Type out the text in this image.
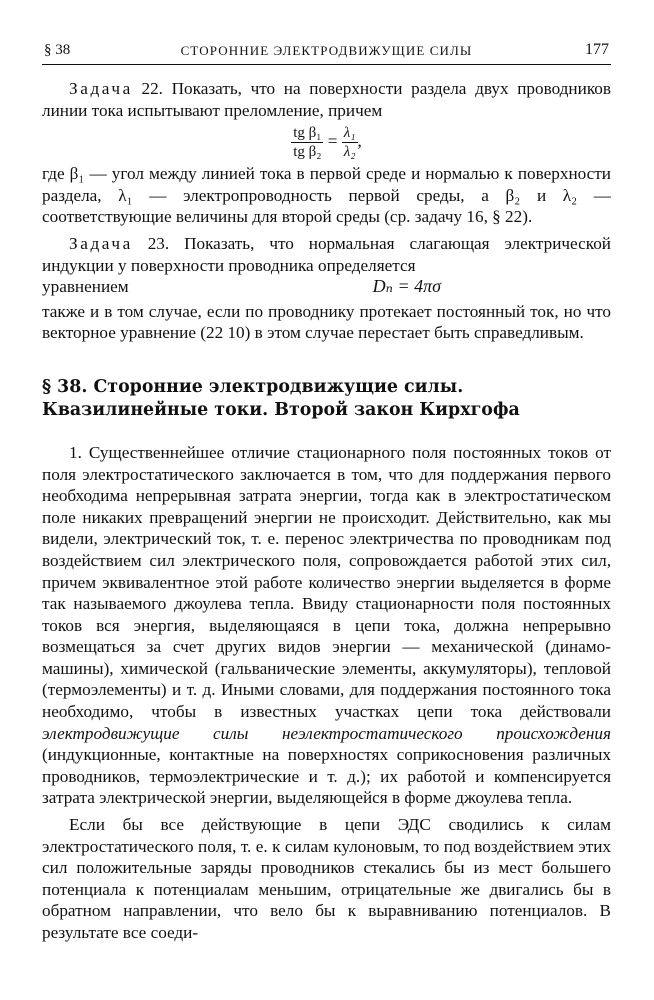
§ 38	СТОРОННИЕ ЭЛЕКТРОДВИЖУЩИЕ СИЛЫ	177

Задача 22. Показать, что на поверхности раздела двух проводников линии тока испытывают преломление, причем

$\frac{\text{tg β₁}}{\text{tg β₂}} = \frac{\text{λ₁}}{\text{λ₂}}$ ,

где β₁ — угол между линией тока в первой среде и нормалью к поверхности раздела, λ₁ — электропроводность первой среды, а β₂ и λ₂ — соответствующие величины для второй среды (ср. задачу 16, § 22).

Задача 23. Показать, что нормальная слагающая электрической индукции у поверхности проводника определяется

уравнением	Dₙ = 4πσ

также и в том случае, если по проводнику протекает постоянный ток, но что векторное уравнение (22 10) в этом случае перестает быть справедливым.

§ 38. Сторонние электродвижущие силы.
Квазилинейные токи. Второй закон Кирхгофа

1. Существеннейшее отличие стационарного поля постоянных токов от поля электростатического заключается в том, что для поддержания первого необходима непрерывная затрата энергии, тогда как в электростатическом поле никаких превращений энергии не происходит. Действительно, как мы видели, электрический ток, т. е. перенос электричества по проводникам под воздействием сил электрического поля, сопровождается работой этих сил, причем эквивалентное этой работе количество энергии выделяется в форме так называемого джоулева тепла. Ввиду стационарности поля постоянных токов вся энергия, выделяющаяся в цепи тока, должна непрерывно возмещаться за счет других видов энергии — механической (динамо-машины), химической (гальванические элементы, аккумуляторы), тепловой (термоэлементы) и т. д. Иными словами, для поддержания постоянного тока необходимо, чтобы в известных участках цепи тока действовали электродвижущие силы неэлектростатического происхождения (индукционные, контактные на поверхностях соприкосновения различных проводников, термоэлектрические и т. д.); их работой и компенсируется затрата электрической энергии, выделяющейся в форме джоулева тепла.

Если бы все действующие в цепи ЭДС сводились к силам электростатического поля, т. е. к силам кулоновым, то под воздействием этих сил положительные заряды проводников стекались бы из мест большего потенциала к потенциалам меньшим, отрицательные же двигались бы в обратном направлении, что вело бы к выравниванию потенциалов. В результате все соеди-
